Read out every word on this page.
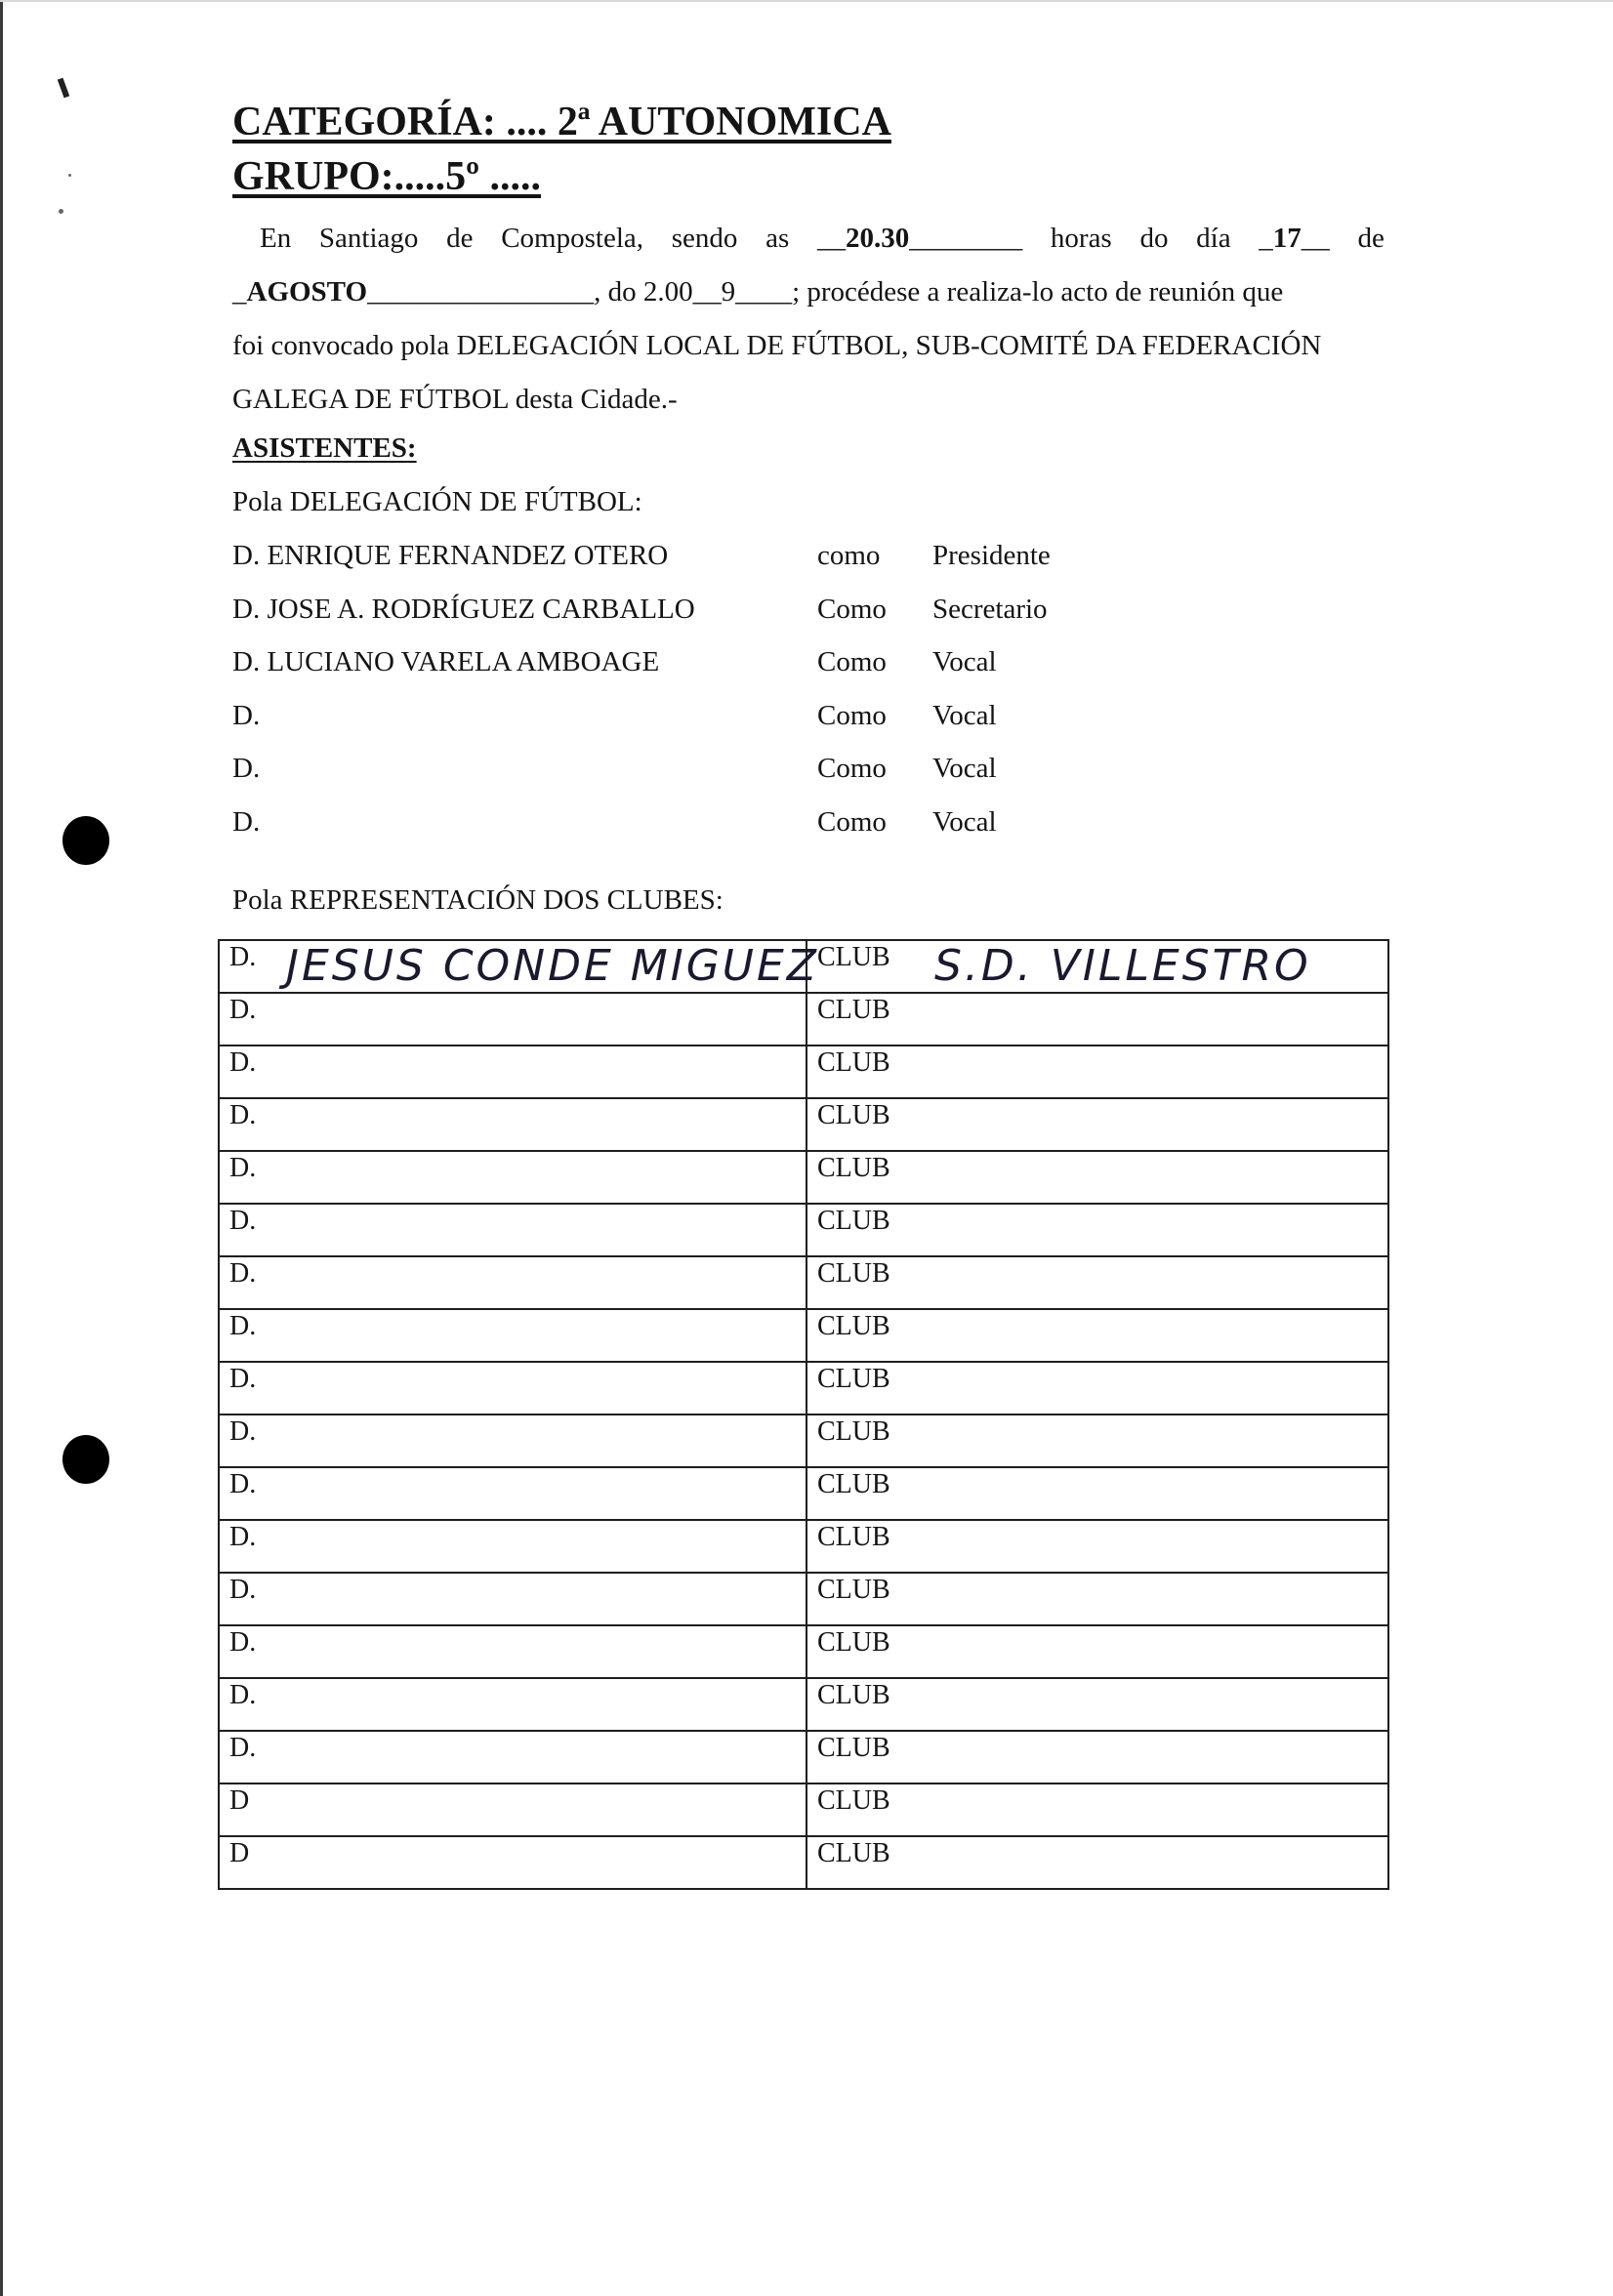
CATEGORÍA: .... 2ª AUTONOMICA
GRUPO:.....5º .....
En Santiago de Compostela, sendo as __20.30________ horas do día _17__ de
_AGOSTO________________, do 2.00__9____; procédese a realiza-lo acto de reunión que
foi convocado pola DELEGACIÓN LOCAL DE FÚTBOL, SUB-COMITÉ DA FEDERACIÓN
GALEGA DE FÚTBOL desta Cidade.-
ASISTENTES:
Pola DELEGACIÓN DE FÚTBOL:
D. ENRIQUE FERNANDEZ OTERO	como Presidente
D. JOSE A. RODRÍGUEZ CARBALLO	Como Secretario
D. LUCIANO VARELA AMBOAGE	Como Vocal
D.	Como Vocal
D.	Como Vocal
D.	Como Vocal
Pola REPRESENTACIÓN DOS CLUBES:
D. JESUS CONDE MIGUEZ	CLUB S.D. VILLESTRO

D.	CLUB
D.	CLUB
D.	CLUB
D.	CLUB
D.	CLUB
D.	CLUB
D.	CLUB
D.	CLUB
D.	CLUB
D.	CLUB
D.	CLUB
D.	CLUB
D.	CLUB
D.	CLUB
D.	CLUB
D	CLUB
D	CLUB
